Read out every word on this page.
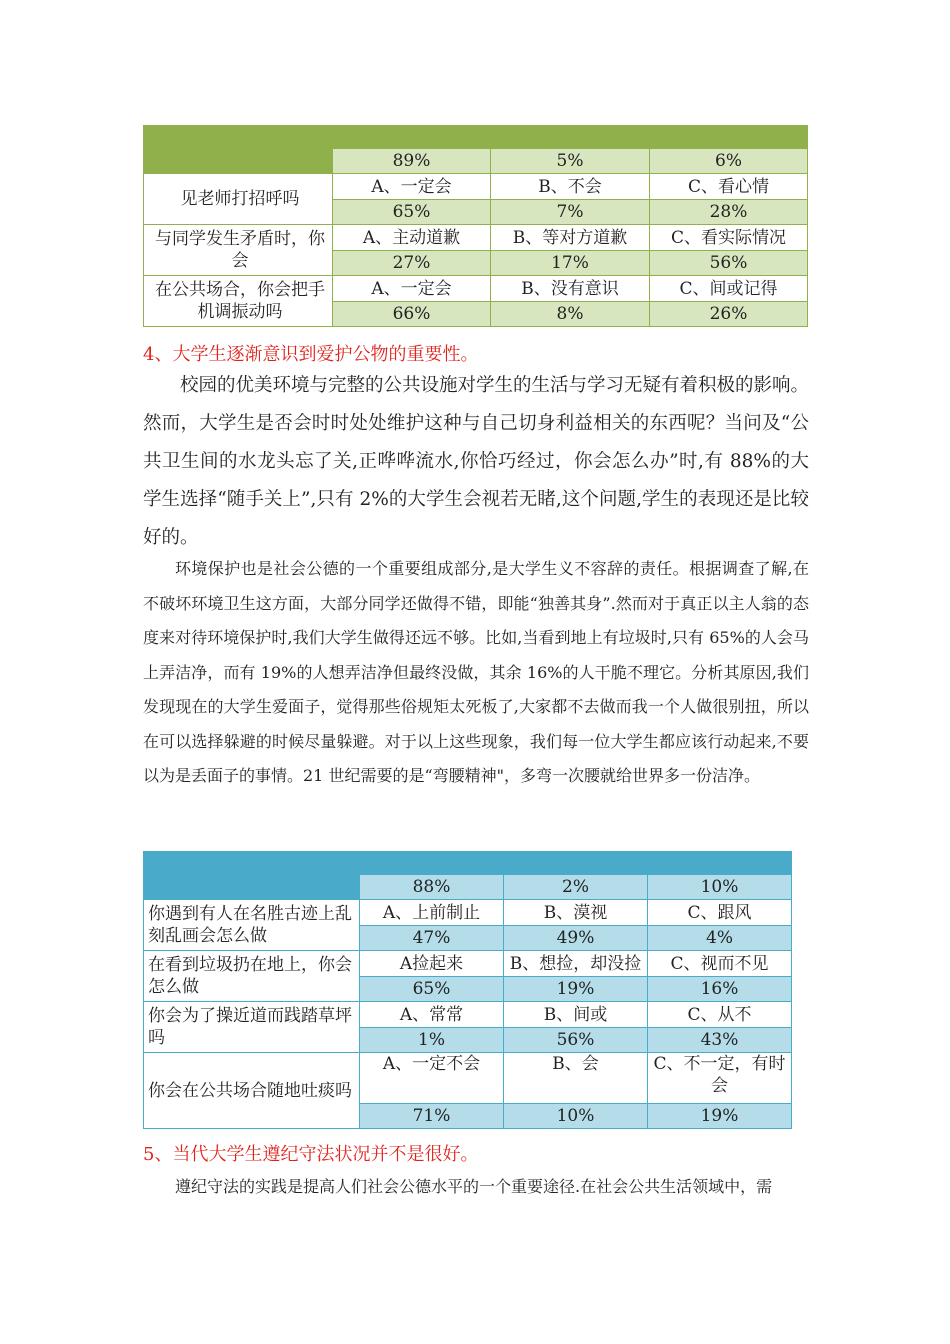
	89%	5%	6%
见老师打招呼吗	A、一定会	B、不会	C、看心情
	65%	7%	28%
与同学发生矛盾时，你会	A、主动道歉	B、等对方道歉	C、看实际情况
	27%	17%	56%
在公共场合，你会把手机调振动吗	A、一定会	B、没有意识	C、间或记得
	66%	8%	26%
4、大学生逐渐意识到爱护公物的重要性。

校园的优美环境与完整的公共设施对学生的生活与学习无疑有着积极的影响。然而，大学生是否会时时处处维护这种与自己切身利益相关的东西呢？当问及“公共卫生间的水龙头忘了关,正哗哗流水,你恰巧经过，你会怎么办”时,有 88%的大学生选择“随手关上”,只有 2%的大学生会视若无睹,这个问题,学生的表现还是比较好的。

环境保护也是社会公德的一个重要组成部分,是大学生义不容辞的责任。根据调查了解,在不破坏环境卫生这方面，大部分同学还做得不错，即能“独善其身”.然而对于真正以主人翁的态度来对待环境保护时,我们大学生做得还远不够。比如,当看到地上有垃圾时,只有 65%的人会马上弄洁净，而有 19%的人想弄洁净但最终没做，其余 16%的人干脆不理它。分析其原因,我们发现现在的大学生爱面子，觉得那些俗规矩太死板了,大家都不去做而我一个人做很别扭，所以在可以选择躲避的时候尽量躲避。对于以上这些现象，我们每一位大学生都应该行动起来,不要以为是丢面子的事情。21 世纪需要的是“弯腰精神"，多弯一次腰就给世界多一份洁净。

	88%	2%	10%
你遇到有人在名胜古迹上乱刻乱画会怎么做	A、上前制止	B、漠视	C、跟风
	47%	49%	4%
在看到垃圾扔在地上，你会怎么做	A捡起来	B、想捡，却没捡	C、视而不见
	65%	19%	16%
你会为了操近道而践踏草坪吗	A、常常	B、间或	C、从不
	1%	56%	43%
你会在公共场合随地吐痰吗	A、一定不会	B、会	C、不一定，有时会
	71%	10%	19%
5、当代大学生遵纪守法状况并不是很好。

遵纪守法的实践是提高人们社会公德水平的一个重要途径.在社会公共生活领域中，需
